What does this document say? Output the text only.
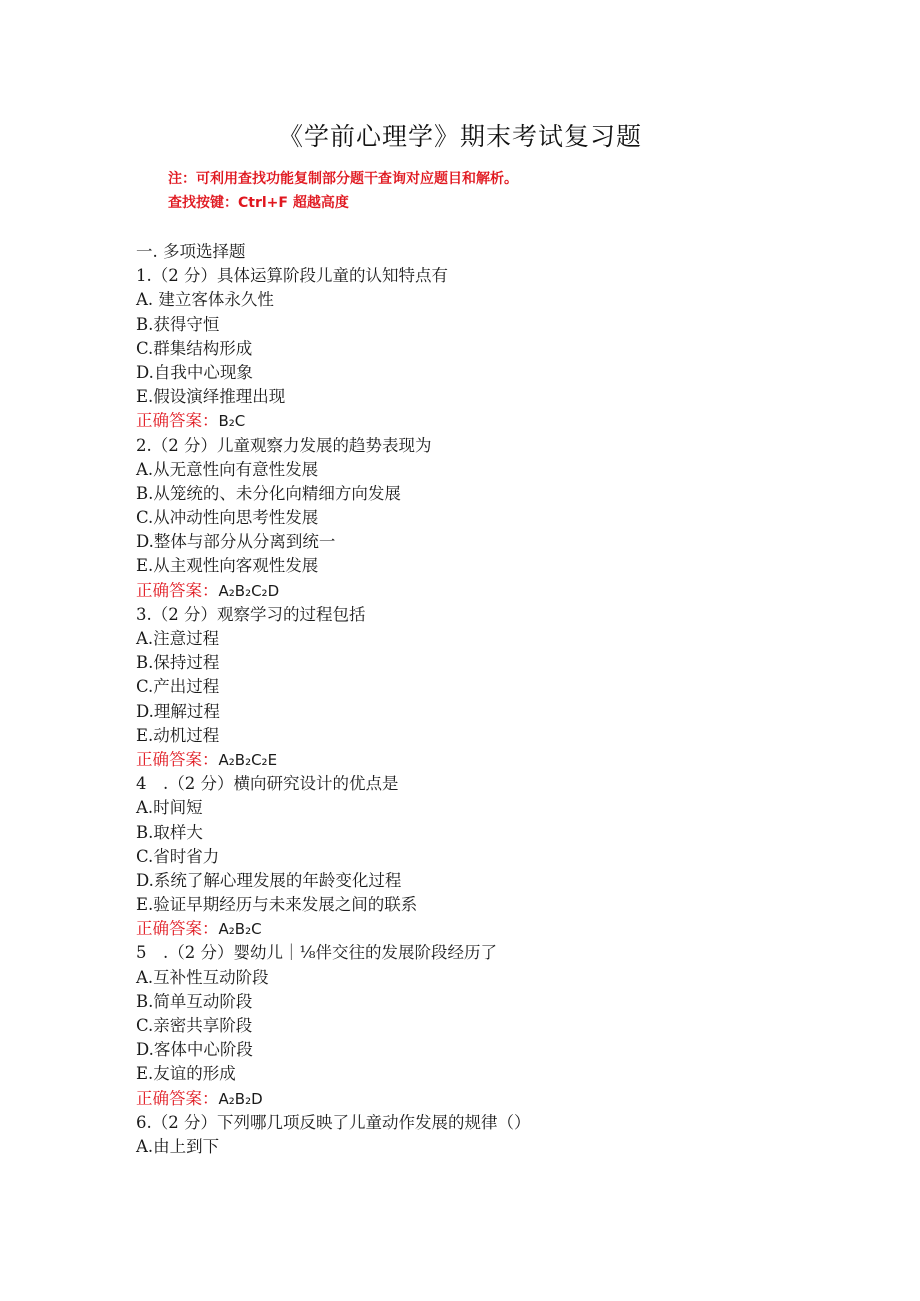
《学前心理学》期末考试复习题
注：可利用查找功能复制部分题干查询对应题目和解析。
查找按键：Ctrl+F 超越高度
一. 多项选择题
1.（2 分）具体运算阶段儿童的认知特点有
A. 建立客体永久性
B.获得守恒
C.群集结构形成
D.自我中心现象
E.假设演绎推理出现
正确答案：B₂C
2.（2 分）儿童观察力发展的趋势表现为
A.从无意性向有意性发展
B.从笼统的、未分化向精细方向发展
C.从冲动性向思考性发展
D.整体与部分从分离到统一
E.从主观性向客观性发展
正确答案：A₂B₂C₂D
3.（2 分）观察学习的过程包括
A.注意过程
B.保持过程
C.产出过程
D.理解过程
E.动机过程
正确答案：A₂B₂C₂E
4　.（2 分）横向研究设计的优点是
A.时间短
B.取样大
C.省时省力
D.系统了解心理发展的年龄变化过程
E.验证早期经历与未来发展之间的联系
正确答案：A₂B₂C
5　.（2 分）婴幼儿｜⅛伴交往的发展阶段经历了
A.互补性互动阶段
B.简单互动阶段
C.亲密共享阶段
D.客体中心阶段
E.友谊的形成
正确答案：A₂B₂D
6.（2 分）下列哪几项反映了儿童动作发展的规律（）
A.由上到下
